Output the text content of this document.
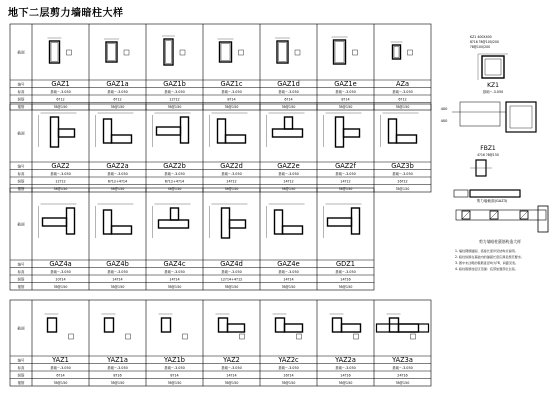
截面
编号
标高
纵筋
箍筋
GAZ1
基础~-3.050
6?12
?8@150
GAZ1a
基础~-3.050
6?12
?8@150
GAZ1b
基础~-3.050
12?12
?8@150
GAZ1c
基础~-3.050
8?14
?8@150
GAZ1d
基础~-3.050
6?14
?8@150
GAZ1e
基础~-3.050
8?14
?8@150
AZa
基础~-3.050
6?12
?8@150
截面
编号
标高
纵筋
箍筋
GAZ2
基础~-3.050
12?12
?8@150
GAZ2a
基础~-3.050
6?12+4?14
?8@150
GAZ2b
基础~-3.050
6?12+4?14
?8@150
GAZ2d
基础~-3.050
14?12
?8@150
GAZ2e
基础~-3.050
14?12
?8@150
GAZ2f
基础~-3.050
14?12
?8@150
GAZ3b
基础~-3.050
16?12
?8@150
截面
编号
标高
纵筋
箍筋
GAZ4a
基础~-3.050
10?14
?8@150
GAZ4b
基础~-3.050
14?14
?8@150
GAZ4c
基础~-3.050
14?14
?8@150
GAZ4d
基础~-3.050
12?14+4?12
?8@150
GAZ4e
基础~-3.050
14?14
?8@150
GDZ1
基础~-3.050
14?16
?8@150
截面
编号
标高
纵筋
箍筋
YAZ1
基础~-3.050
6?14
?8@150
YAZ1a
基础~-3.050
8?16
?8@150
YAZ1b
基础~-3.050
8?14
?8@150
YAZ2
基础~-3.050
14?14
?8@150
YAZ2c
基础~-3.050
16?14
?8@150
YAZ2a
基础~-3.050
14?16
?8@150
YAZ3a
基础~-3.050
24?16
?8@150
KZ1 400X400
8?16 ?8@100/200
?8@100/200
KZ1
基础~-3.050
400
400
FBZ1
4?16 ?8@150
剪力墙截面(GAZ3)
剪力墙暗柱箍筋构造大样
1. 墙柱钢筋锚固、搭接长度详见结构总说明。
2. 暗柱纵筋在基础内的锚固长度应满足规范要求。
3. 图中未注明的箍筋直径均为?8，间距见表。
4. 暗柱箍筋加密区范围：底部加强部位全高。
地下二层剪力墙暗柱大样
